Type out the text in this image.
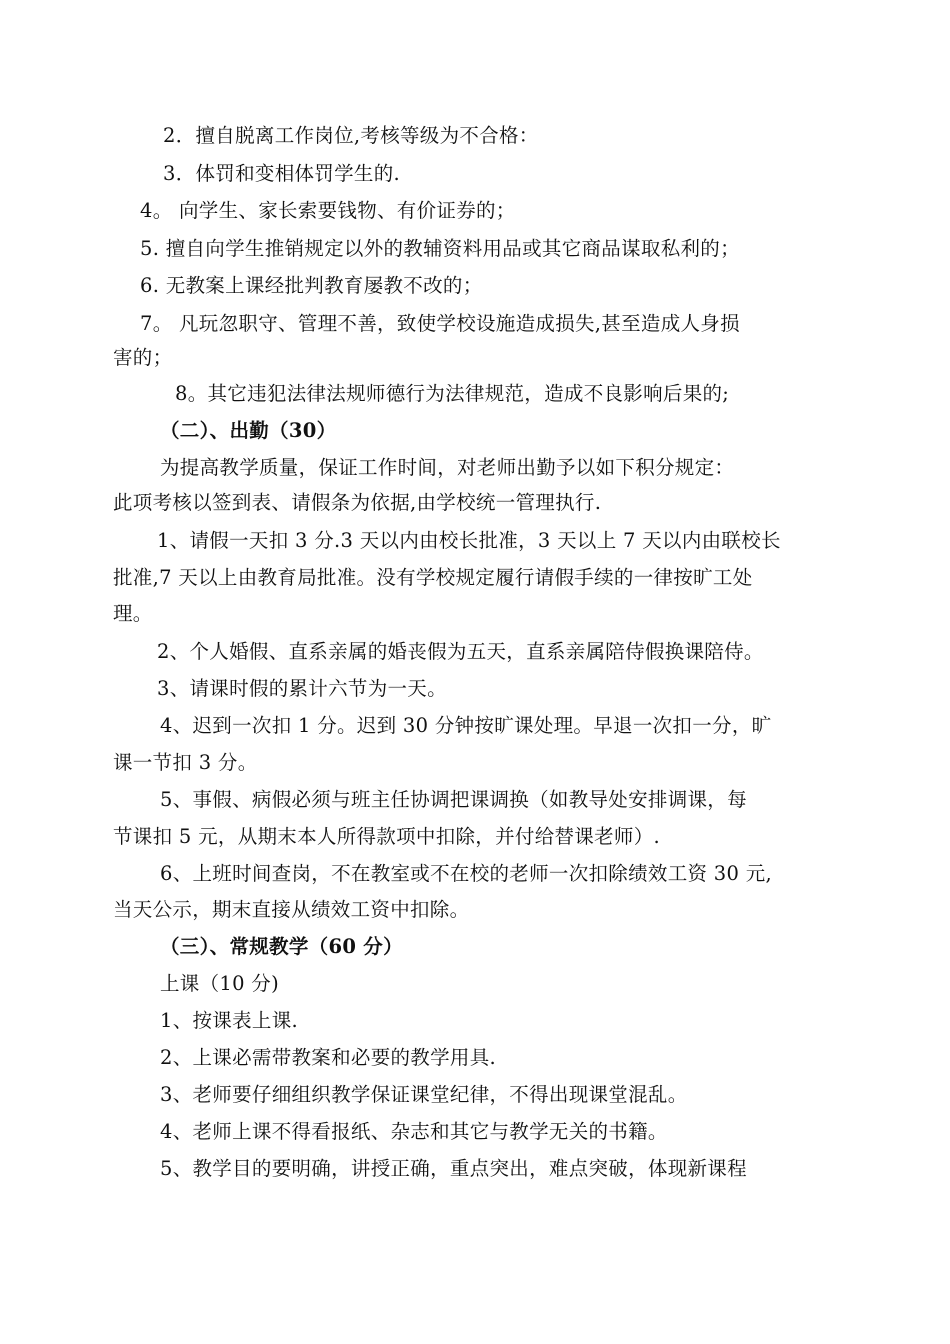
2．擅自脱离工作岗位,考核等级为不合格：
3．体罚和变相体罚学生的.
4。 向学生、家长索要钱物、有价证券的；
5. 擅自向学生推销规定以外的教辅资料用品或其它商品谋取私利的；
6. 无教案上课经批判教育屡教不改的；
7。 凡玩忽职守、管理不善，致使学校设施造成损失,甚至造成人身损
害的；
8。其它违犯法律法规师德行为法律规范，造成不良影响后果的;
（二）、出勤（30）
为提高教学质量，保证工作时间，对老师出勤予以如下积分规定：
此项考核以签到表、请假条为依据,由学校统一管理执行.
1、请假一天扣 3 分.3 天以内由校长批准，3 天以上 7 天以内由联校长
批准,7 天以上由教育局批准。没有学校规定履行请假手续的一律按旷工处
理。
2、个人婚假、直系亲属的婚丧假为五天，直系亲属陪侍假换课陪侍。
3、请课时假的累计六节为一天。
4、迟到一次扣 1 分。迟到 30 分钟按旷课处理。早退一次扣一分，旷
课一节扣 3 分。
5、事假、病假必须与班主任协调把课调换（如教导处安排调课，每
节课扣 5 元，从期末本人所得款项中扣除，并付给替课老师）.
6、上班时间查岗，不在教室或不在校的老师一次扣除绩效工资 30 元,
当天公示，期末直接从绩效工资中扣除。
（三）、常规教学（60 分）
上课（10 分)
1、按课表上课.
2、上课必需带教案和必要的教学用具.
3、老师要仔细组织教学保证课堂纪律，不得出现课堂混乱。
4、老师上课不得看报纸、杂志和其它与教学无关的书籍。
5、教学目的要明确，讲授正确，重点突出，难点突破，体现新课程
